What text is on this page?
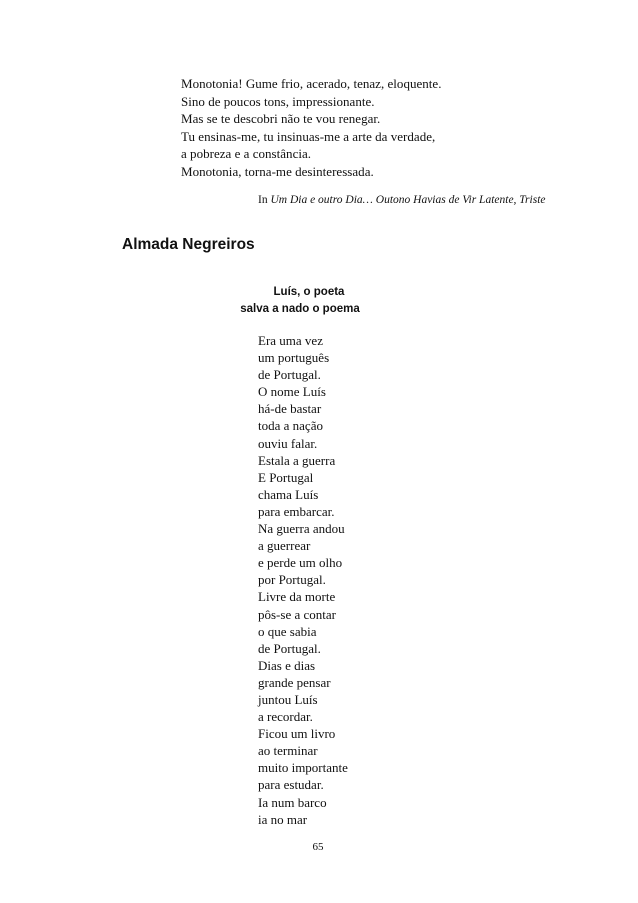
Monotonia! Gume frio, acerado, tenaz, eloquente.
Sino de poucos tons, impressionante.
Mas se te descobri não te vou renegar.
Tu ensinas-me, tu insinuas-me a arte da verdade,
a pobreza e a constância.
Monotonia, torna-me desinteressada.
In Um Dia e outro Dia… Outono Havias de Vir Latente, Triste
Almada Negreiros
Luís, o poeta
salva a nado o poema
Era uma vez
um português
de Portugal.
O nome Luís
há-de bastar
toda a nação
ouviu falar.
Estala a guerra
E Portugal
chama Luís
para embarcar.
Na guerra andou
a guerrear
e perde um olho
por Portugal.
Livre da morte
pôs-se a contar
o que sabia
de Portugal.
Dias e dias
grande pensar
juntou Luís
a recordar.
Ficou um livro
ao terminar
muito importante
para estudar.
Ia num barco
ia no mar
65
